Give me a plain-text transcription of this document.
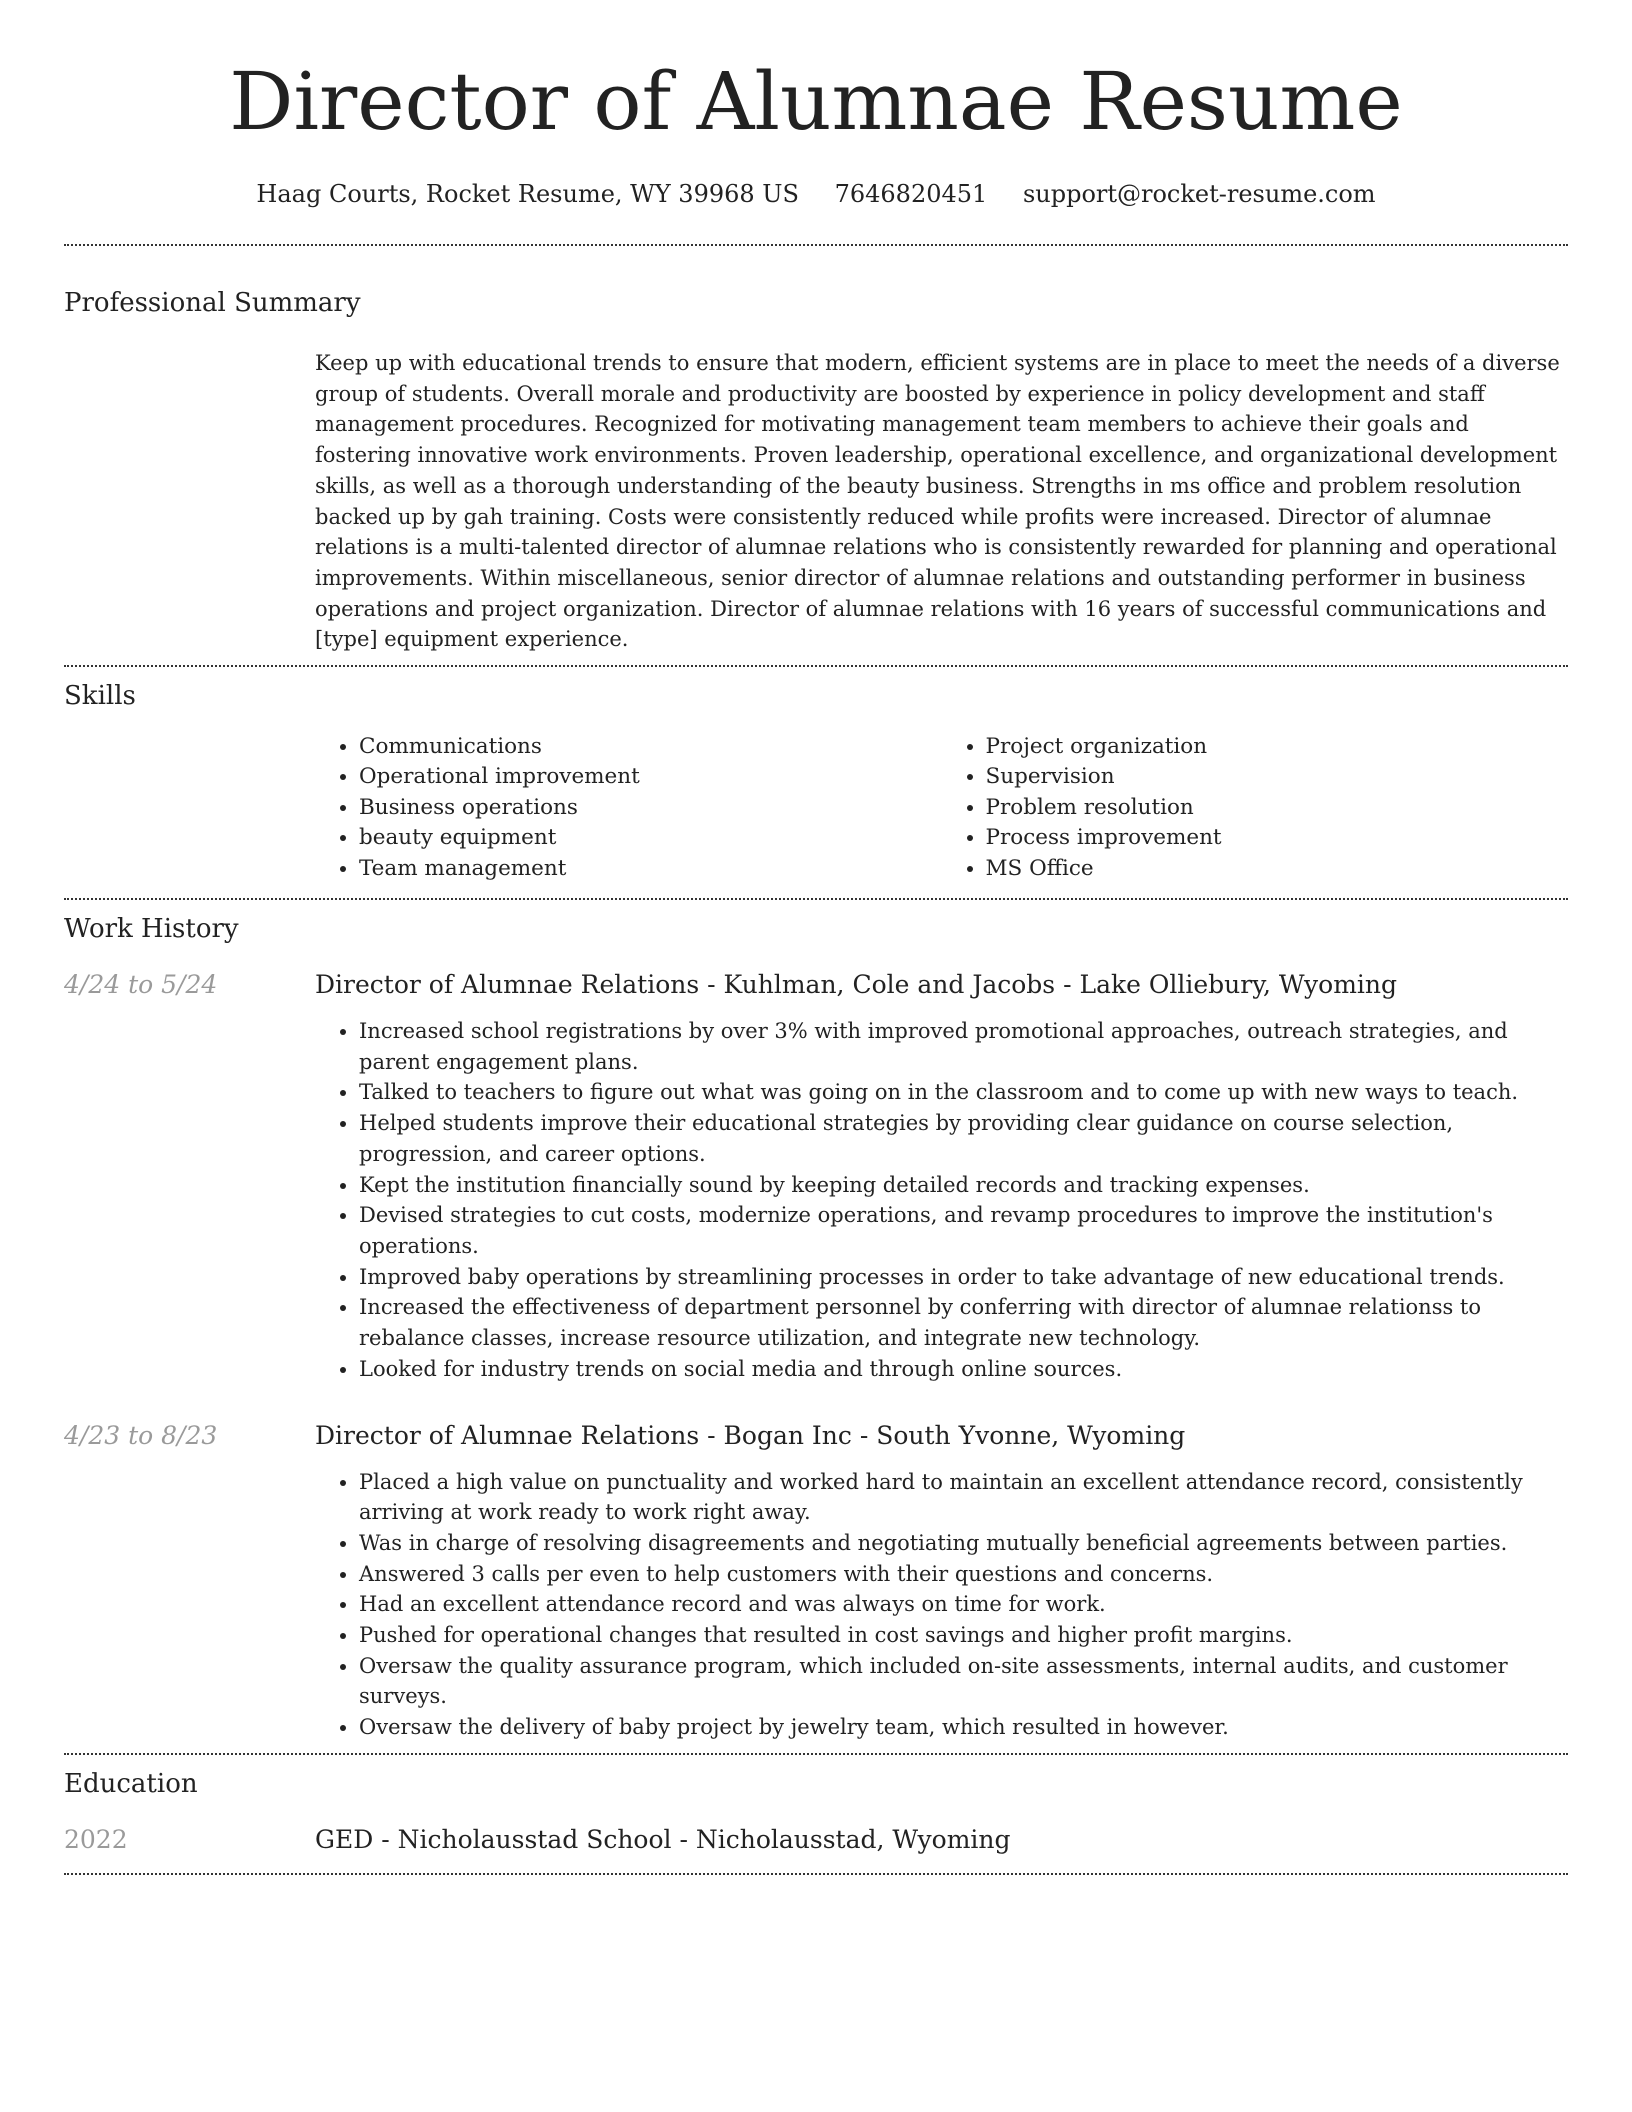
Director of Alumnae Resume
Haag Courts, Rocket Resume, WY 39968 US 7646820451 support@rocket-resume.com
Professional Summary
Keep up with educational trends to ensure that modern, efficient systems are in place to meet the needs of a diverse group of students. Overall morale and productivity are boosted by experience in policy development and staff management procedures. Recognized for motivating management team members to achieve their goals and fostering innovative work environments. Proven leadership, operational excellence, and organizational development skills, as well as a thorough understanding of the beauty business. Strengths in ms office and problem resolution backed up by gah training. Costs were consistently reduced while profits were increased. Director of alumnae relations is a multi-talented director of alumnae relations who is consistently rewarded for planning and operational improvements. Within miscellaneous, senior director of alumnae relations and outstanding performer in business operations and project organization. Director of alumnae relations with 16 years of successful communications and [type] equipment experience.
Skills
• Communications
• Operational improvement
• Business operations
• beauty equipment
• Team management
• Project organization
• Supervision
• Problem resolution
• Process improvement
• MS Office
Work History
4/24 to 5/24	Director of Alumnae Relations - Kuhlman, Cole and Jacobs - Lake Olliebury, Wyoming
• Increased school registrations by over 3% with improved promotional approaches, outreach strategies, and parent engagement plans.
• Talked to teachers to figure out what was going on in the classroom and to come up with new ways to teach.
• Helped students improve their educational strategies by providing clear guidance on course selection, progression, and career options.
• Kept the institution financially sound by keeping detailed records and tracking expenses.
• Devised strategies to cut costs, modernize operations, and revamp procedures to improve the institution's operations.
• Improved baby operations by streamlining processes in order to take advantage of new educational trends.
• Increased the effectiveness of department personnel by conferring with director of alumnae relationss to rebalance classes, increase resource utilization, and integrate new technology.
• Looked for industry trends on social media and through online sources.
4/23 to 8/23	Director of Alumnae Relations - Bogan Inc - South Yvonne, Wyoming
• Placed a high value on punctuality and worked hard to maintain an excellent attendance record, consistently arriving at work ready to work right away.
• Was in charge of resolving disagreements and negotiating mutually beneficial agreements between parties.
• Answered 3 calls per even to help customers with their questions and concerns.
• Had an excellent attendance record and was always on time for work.
• Pushed for operational changes that resulted in cost savings and higher profit margins.
• Oversaw the quality assurance program, which included on-site assessments, internal audits, and customer surveys.
• Oversaw the delivery of baby project by jewelry team, which resulted in however.
Education
2022	GED - Nicholausstad School - Nicholausstad, Wyoming
